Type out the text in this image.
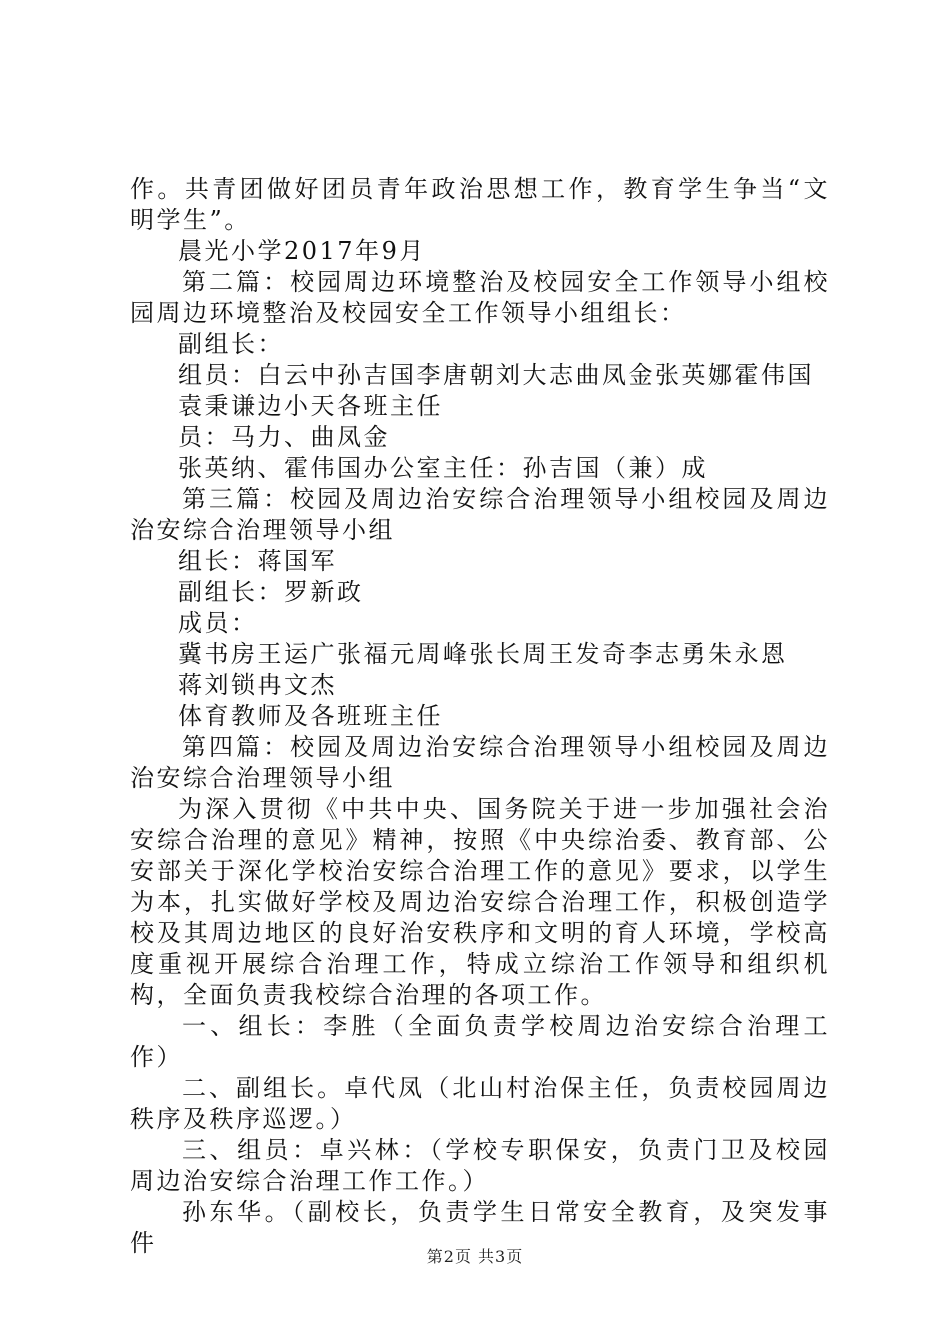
作。共青团做好团员青年政治思想工作，教育学生争当“文明学生”。

晨光小学2017年9月

第二篇：校园周边环境整治及校园安全工作领导小组校园周边环境整治及校园安全工作领导小组组长：

副组长：

组员：白云中孙吉国李唐朝刘大志曲凤金张英娜霍伟国

袁秉谦边小天各班主任

员：马力、曲凤金

张英纳、霍伟国办公室主任：孙吉国（兼）成

第三篇：校园及周边治安综合治理领导小组校园及周边治安综合治理领导小组

组长：蒋国军

副组长：罗新政

成员：

冀书房王运广张福元周峰张长周王发奇李志勇朱永恩

蒋刘锁冉文杰

体育教师及各班班主任

第四篇：校园及周边治安综合治理领导小组校园及周边治安综合治理领导小组

为深入贯彻《中共中央、国务院关于进一步加强社会治安综合治理的意见》精神，按照《中央综治委、教育部、公安部关于深化学校治安综合治理工作的意见》要求，以学生为本，扎实做好学校及周边治安综合治理工作，积极创造学校及其周边地区的良好治安秩序和文明的育人环境，学校高度重视开展综合治理工作，特成立综治工作领导和组织机构，全面负责我校综合治理的各项工作。

一、组长：李胜（全面负责学校周边治安综合治理工作）

二、副组长。卓代凤（北山村治保主任，负责校园周边秩序及秩序巡逻。）

三、组员：卓兴林：（学校专职保安，负责门卫及校园周边治安综合治理工作工作。）

孙东华。（副校长，负责学生日常安全教育，及突发事件	第2页 共3页
